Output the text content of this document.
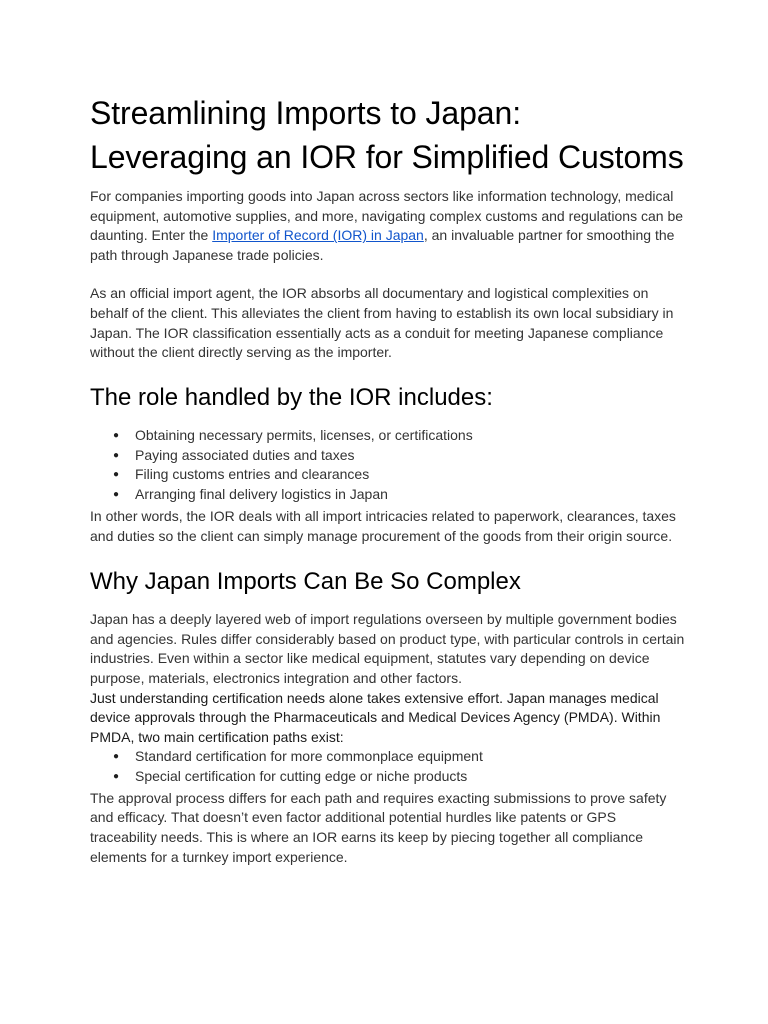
Streamlining Imports to Japan: Leveraging an IOR for Simplified Customs

For companies importing goods into Japan across sectors like information technology, medical equipment, automotive supplies, and more, navigating complex customs and regulations can be daunting. Enter the Importer of Record (IOR) in Japan, an invaluable partner for smoothing the path through Japanese trade policies.

As an official import agent, the IOR absorbs all documentary and logistical complexities on behalf of the client. This alleviates the client from having to establish its own local subsidiary in Japan. The IOR classification essentially acts as a conduit for meeting Japanese compliance without the client directly serving as the importer.

The role handled by the IOR includes:
● Obtaining necessary permits, licenses, or certifications
● Paying associated duties and taxes
● Filing customs entries and clearances
● Arranging final delivery logistics in Japan

In other words, the IOR deals with all import intricacies related to paperwork, clearances, taxes and duties so the client can simply manage procurement of the goods from their origin source.

Why Japan Imports Can Be So Complex

Japan has a deeply layered web of import regulations overseen by multiple government bodies and agencies. Rules differ considerably based on product type, with particular controls in certain industries. Even within a sector like medical equipment, statutes vary depending on device purpose, materials, electronics integration and other factors.

Just understanding certification needs alone takes extensive effort. Japan manages medical device approvals through the Pharmaceuticals and Medical Devices Agency (PMDA). Within PMDA, two main certification paths exist:

● Standard certification for more commonplace equipment
● Special certification for cutting edge or niche products

The approval process differs for each path and requires exacting submissions to prove safety and efficacy. That doesn’t even factor additional potential hurdles like patents or GPS traceability needs. This is where an IOR earns its keep by piecing together all compliance elements for a turnkey import experience.
